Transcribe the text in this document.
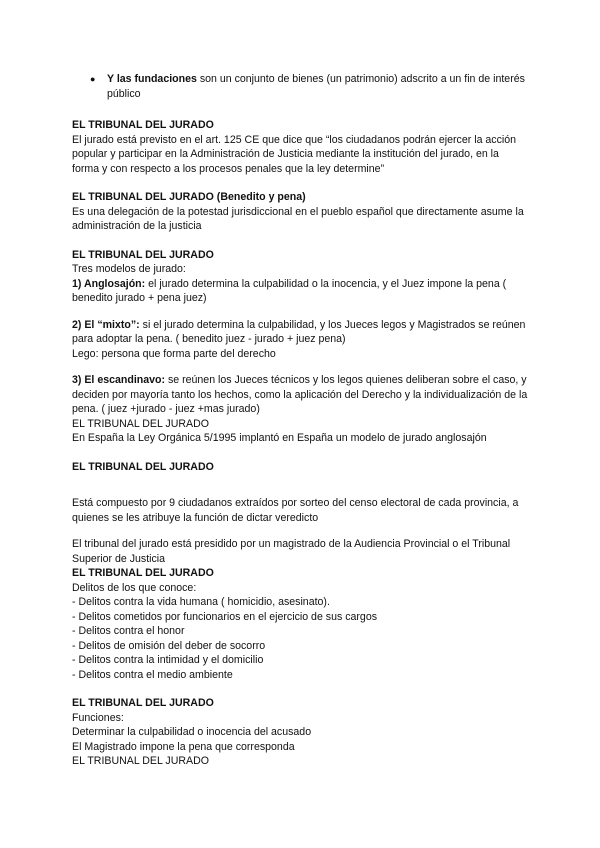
●	Y las fundaciones son un conjunto de bienes (un patrimonio) adscrito a un fin de interés público

EL TRIBUNAL DEL JURADO

El jurado está previsto en el art. 125 CE que dice que “los ciudadanos podrán ejercer la acción popular y participar en la Administración de Justicia mediante la institución del jurado, en la forma y con respecto a los procesos penales que la ley determine”

EL TRIBUNAL DEL JURADO (Benedito y pena)

Es una delegación de la potestad jurisdiccional en el pueblo español que directamente asume la administración de la justicia

EL TRIBUNAL DEL JURADO

Tres modelos de jurado:

1) Anglosajón: el jurado determina la culpabilidad o la inocencia, y el Juez impone la pena ( benedito jurado + pena juez)

2) El “mixto”: si el jurado determina la culpabilidad, y los Jueces legos y Magistrados se reúnen para adoptar la pena. ( benedito juez - jurado + juez pena)

Lego: persona que forma parte del derecho

3) El escandinavo: se reúnen los Jueces técnicos y los legos quienes deliberan sobre el caso, y deciden por mayoría tanto los hechos, como la aplicación del Derecho y la individualización de la pena. ( juez +jurado - juez +mas jurado)

EL TRIBUNAL DEL JURADO

En España la Ley Orgánica 5/1995 implantó en España un modelo de jurado anglosajón

EL TRIBUNAL DEL JURADO

Está compuesto por 9 ciudadanos extraídos por sorteo del censo electoral de cada provincia, a quienes se les atribuye la función de dictar veredicto

El tribunal del jurado está presidido por un magistrado de la Audiencia Provincial o el Tribunal Superior de Justicia

EL TRIBUNAL DEL JURADO

Delitos de los que conoce:

- Delitos contra la vida humana ( homicidio, asesinato).

- Delitos cometidos por funcionarios en el ejercicio de sus cargos

- Delitos contra el honor

- Delitos de omisión del deber de socorro

- Delitos contra la intimidad y el domicilio

- Delitos contra el medio ambiente

EL TRIBUNAL DEL JURADO

Funciones:

Determinar la culpabilidad o inocencia del acusado

El Magistrado impone la pena que corresponda

EL TRIBUNAL DEL JURADO
